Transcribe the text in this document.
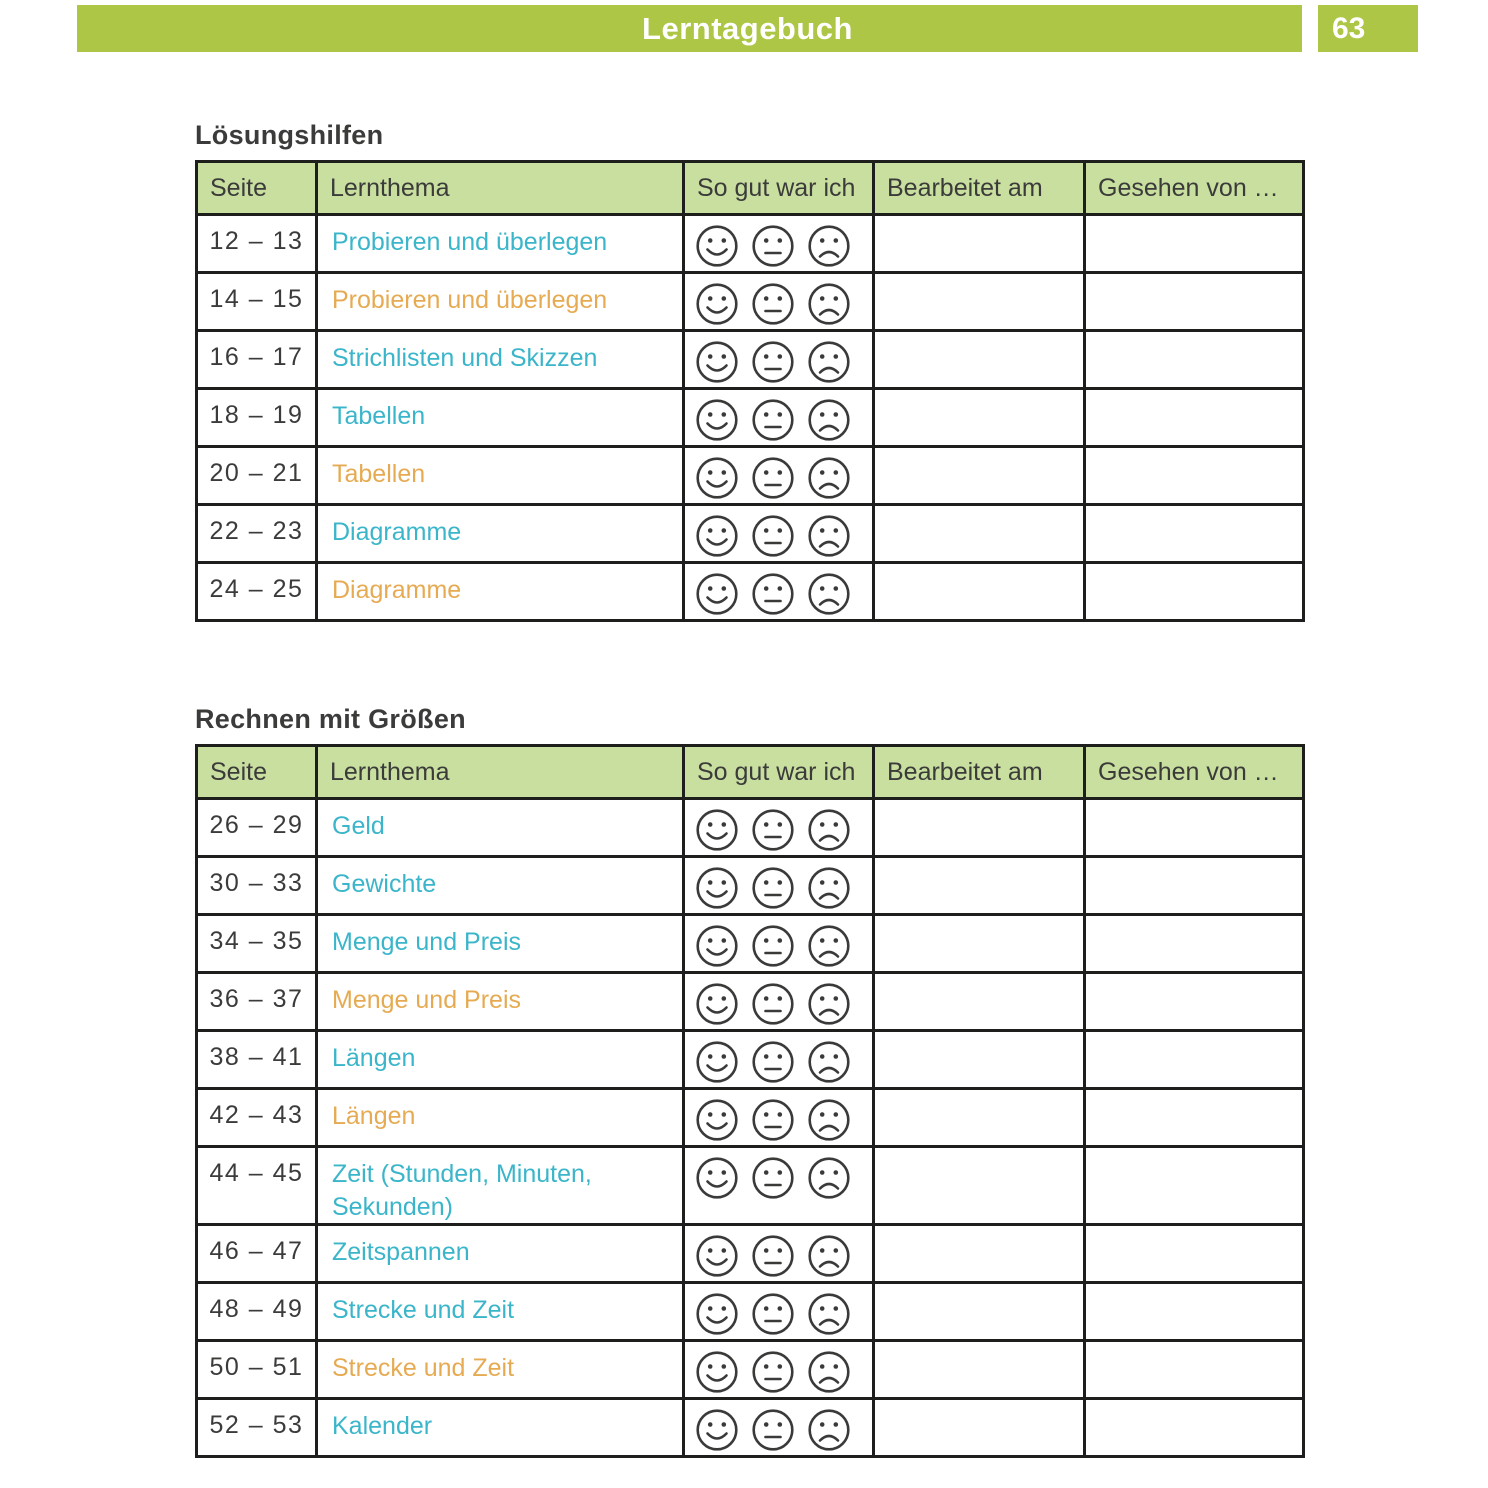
63
Lerntagebuch
Lösungshilfen
Seite	Lernthema	So gut war ich	Bearbeitet am	Gesehen von …
12 – 13	Probieren und überlegen			
14 – 15	Probieren und überlegen			
16 – 17	Strichlisten und Skizzen			
18 – 19	Tabellen			
20 – 21	Tabellen			
22 – 23	Diagramme			
24 – 25	Diagramme			
Rechnen mit Größen
Seite	Lernthema	So gut war ich	Bearbeitet am	Gesehen von …
26 – 29	Geld			
30 – 33	Gewichte			
34 – 35	Menge und Preis			
36 – 37	Menge und Preis			
38 – 41	Längen			
42 – 43	Längen			
44 – 45	Zeit (Stunden, Minuten, Sekunden)			
46 – 47	Zeitspannen			
48 – 49	Strecke und Zeit			
50 – 51	Strecke und Zeit			
52 – 53	Kalender			
